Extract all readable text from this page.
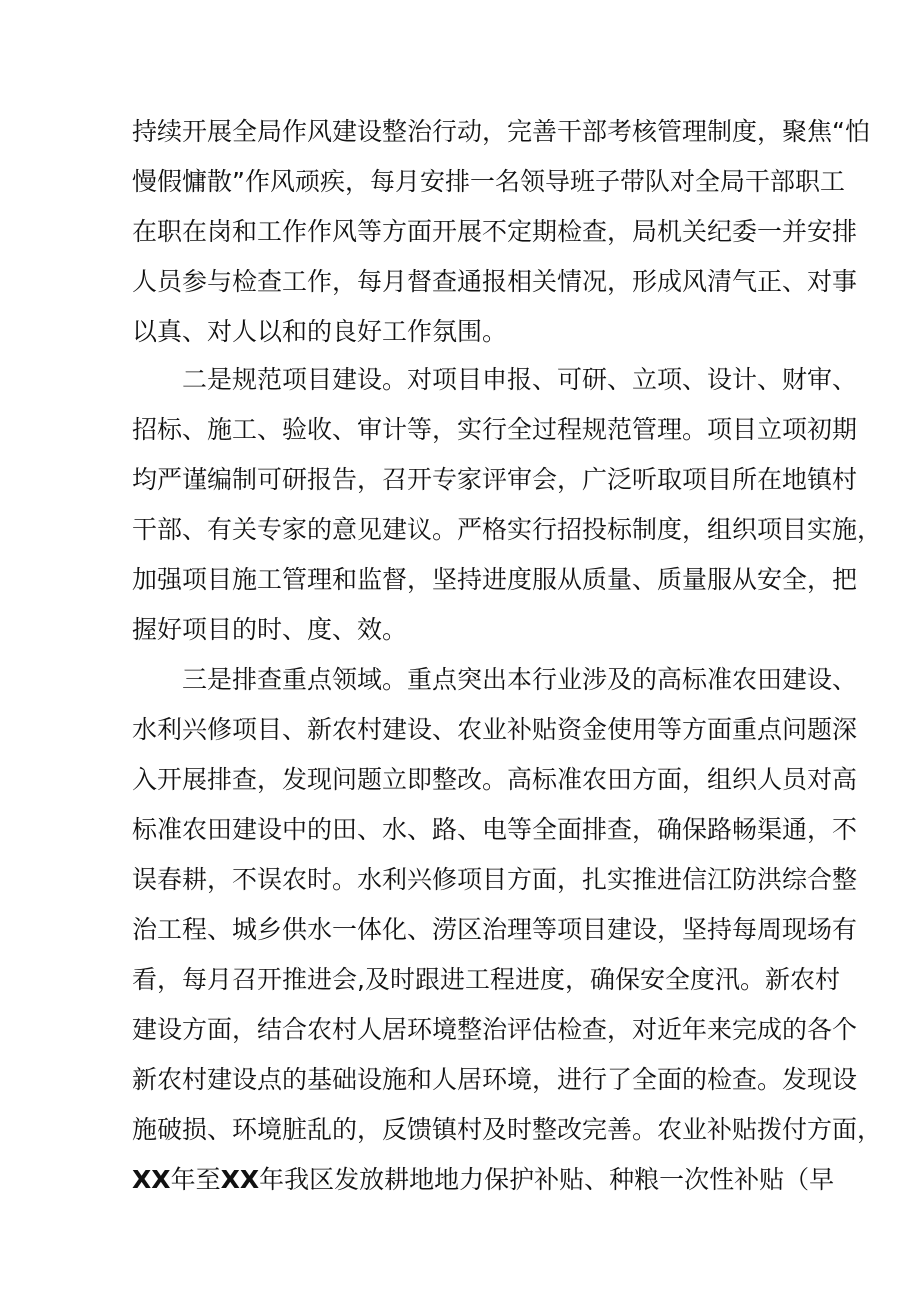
持续开展全局作风建设整治行动，完善干部考核管理制度，聚焦“怕
慢假慵散”作风顽疾，每月安排一名领导班子带队对全局干部职工
在职在岗和工作作风等方面开展不定期检查，局机关纪委一并安排
人员参与检查工作，每月督查通报相关情况，形成风清气正、对事
以真、对人以和的良好工作氛围。
二是规范项目建设。对项目申报、可研、立项、设计、财审、
招标、施工、验收、审计等，实行全过程规范管理。项目立项初期
均严谨编制可研报告，召开专家评审会，广泛听取项目所在地镇村
干部、有关专家的意见建议。严格实行招投标制度，组织项目实施，
加强项目施工管理和监督，坚持进度服从质量、质量服从安全，把
握好项目的时、度、效。
三是排查重点领域。重点突出本行业涉及的高标准农田建设、
水利兴修项目、新农村建设、农业补贴资金使用等方面重点问题深
入开展排查，发现问题立即整改。高标准农田方面，组织人员对高
标准农田建设中的田、水、路、电等全面排查，确保路畅渠通，不
误春耕，不误农时。水利兴修项目方面，扎实推进信江防洪综合整
治工程、城乡供水一体化、涝区治理等项目建设，坚持每周现场有
看，每月召开推进会,及时跟进工程进度，确保安全度汛。新农村
建设方面，结合农村人居环境整治评估检查，对近年来完成的各个
新农村建设点的基础设施和人居环境，进行了全面的检查。发现设
施破损、环境脏乱的，反馈镇村及时整改完善。农业补贴拨付方面，
XX年至XX年我区发放耕地地力保护补贴、种粮一次性补贴（早
